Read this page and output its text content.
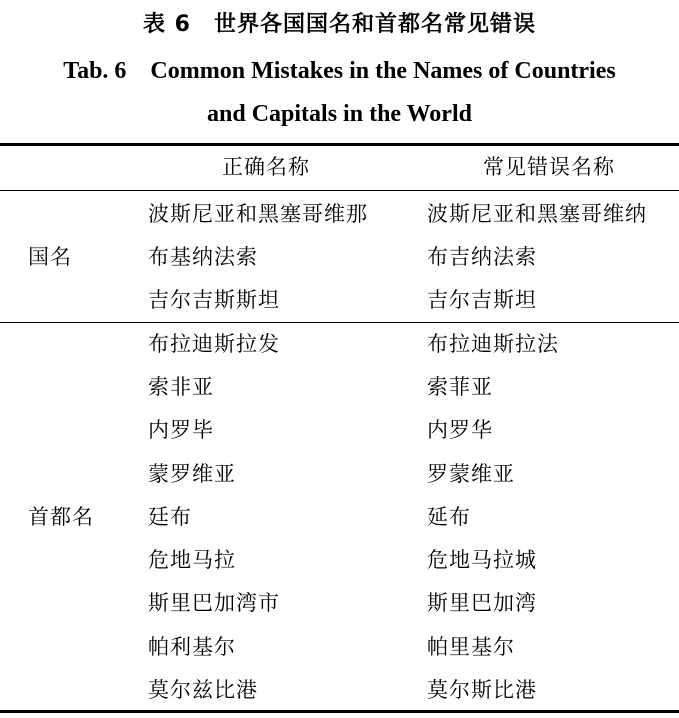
表 6　世界各国国名和首都名常见错误
Tab. 6　Common Mistakes in the Names of Countries
and Capitals in the World
正确名称	常见错误名称
国名
波斯尼亚和黑塞哥维那	波斯尼亚和黑塞哥维纳
布基纳法索	布吉纳法索
吉尔吉斯斯坦	吉尔吉斯坦
首都名
布拉迪斯拉发	布拉迪斯拉法
索非亚	索菲亚
内罗毕	内罗华
蒙罗维亚	罗蒙维亚
廷布	延布
危地马拉	危地马拉城
斯里巴加湾市	斯里巴加湾
帕利基尔	帕里基尔
莫尔兹比港	莫尔斯比港
